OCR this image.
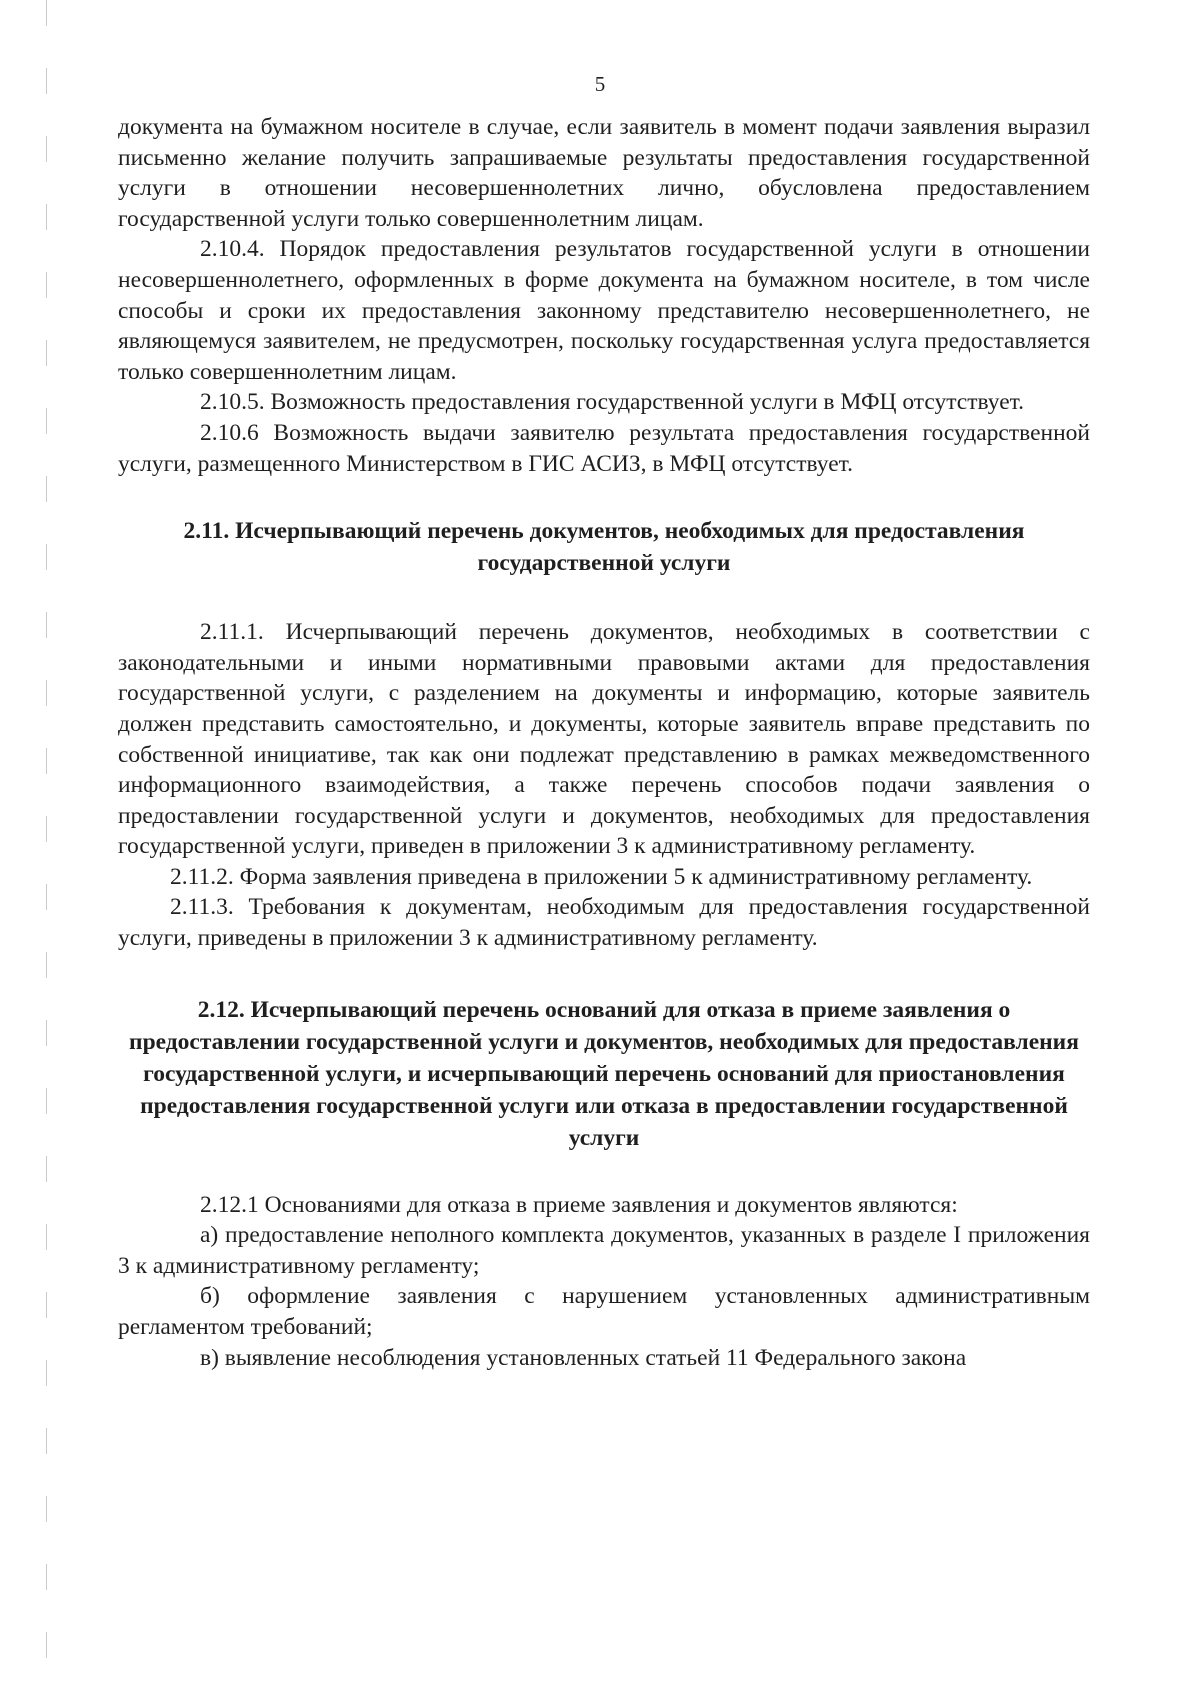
5

документа на бумажном носителе в случае, если заявитель в момент подачи заявления выразил письменно желание получить запрашиваемые результаты предоставления государственной услуги в отношении несовершеннолетних лично, обусловлена предоставлением государственной услуги только совершеннолетним лицам.

2.10.4. Порядок предоставления результатов государственной услуги в отношении несовершеннолетнего, оформленных в форме документа на бумажном носителе, в том числе способы и сроки их предоставления законному представителю несовершеннолетнего, не являющемуся заявителем, не предусмотрен, поскольку государственная услуга предоставляется только совершеннолетним лицам.

2.10.5. Возможность предоставления государственной услуги в МФЦ отсутствует.

2.10.6 Возможность выдачи заявителю результата предоставления государственной услуги, размещенного Министерством в ГИС АСИЗ, в МФЦ отсутствует.

2.11. Исчерпывающий перечень документов, необходимых для предоставления государственной услуги

2.11.1. Исчерпывающий перечень документов, необходимых в соответствии с законодательными и иными нормативными правовыми актами для предоставления государственной услуги, с разделением на документы и информацию, которые заявитель должен представить самостоятельно, и документы, которые заявитель вправе представить по собственной инициативе, так как они подлежат представлению в рамках межведомственного информационного взаимодействия, а также перечень способов подачи заявления о предоставлении государственной услуги и документов, необходимых для предоставления государственной услуги, приведен в приложении 3 к административному регламенту.

2.11.2. Форма заявления приведена в приложении 5 к административному регламенту.

2.11.3. Требования к документам, необходимым для предоставления государственной услуги, приведены в приложении 3 к административному регламенту.

2.12. Исчерпывающий перечень оснований для отказа в приеме заявления о предоставлении государственной услуги и документов, необходимых для предоставления государственной услуги, и исчерпывающий перечень оснований для приостановления предоставления государственной услуги или отказа в предоставлении государственной услуги

2.12.1 Основаниями для отказа в приеме заявления и документов являются:

а) предоставление неполного комплекта документов, указанных в разделе I приложения 3 к административному регламенту;

б) оформление заявления с нарушением установленных административным регламентом требований;

в) выявление несоблюдения установленных статьей 11 Федерального закона
